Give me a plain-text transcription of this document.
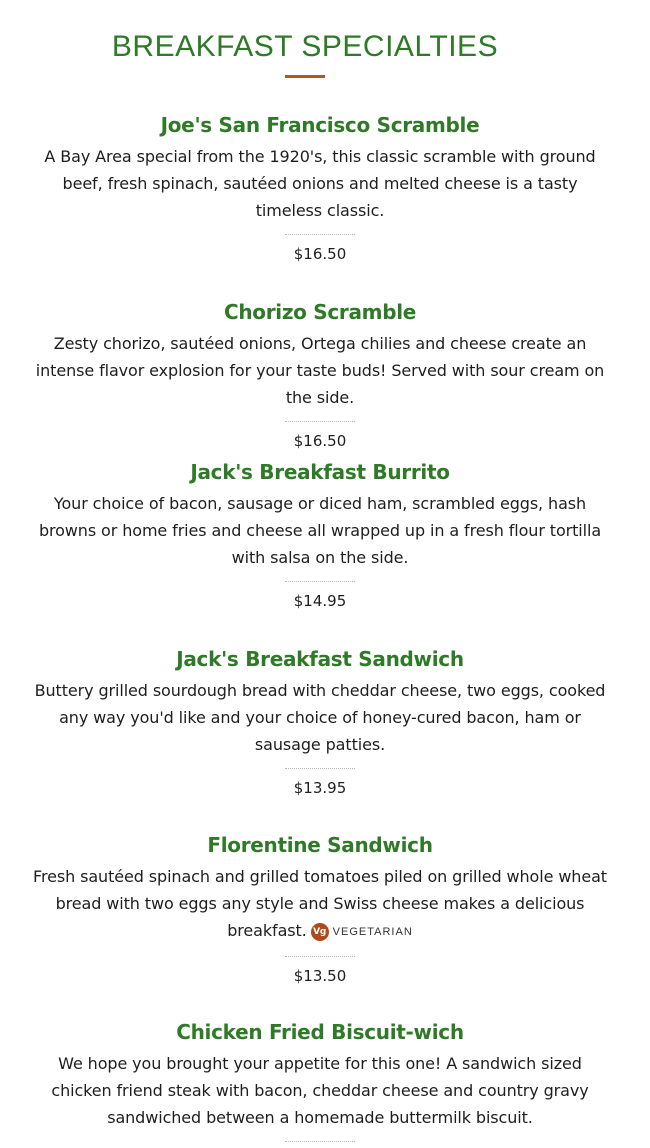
BREAKFAST SPECIALTIES
Joe's San Francisco Scramble

A Bay Area special from the 1920's, this classic scramble with ground beef, fresh spinach, sautéed onions and melted cheese is a tasty timeless classic.

$16.50
Chorizo Scramble

Zesty chorizo, sautéed onions, Ortega chilies and cheese create an intense flavor explosion for your taste buds! Served with sour cream on the side.

$16.50
Jack's Breakfast Burrito

Your choice of bacon, sausage or diced ham, scrambled eggs, hash browns or home fries and cheese all wrapped up in a fresh flour tortilla with salsa on the side.

$14.95
Jack's Breakfast Sandwich

Buttery grilled sourdough bread with cheddar cheese, two eggs, cooked any way you'd like and your choice of honey-cured bacon, ham or sausage patties.

$13.95
Florentine Sandwich

Fresh sautéed spinach and grilled tomatoes piled on grilled whole wheat bread with two eggs any style and Swiss cheese makes a delicious breakfast. Vg VEGETARIAN

$13.50
Chicken Fried Biscuit-wich

We hope you brought your appetite for this one! A sandwich sized chicken friend steak with bacon, cheddar cheese and country gravy sandwiched between a homemade buttermilk biscuit.
